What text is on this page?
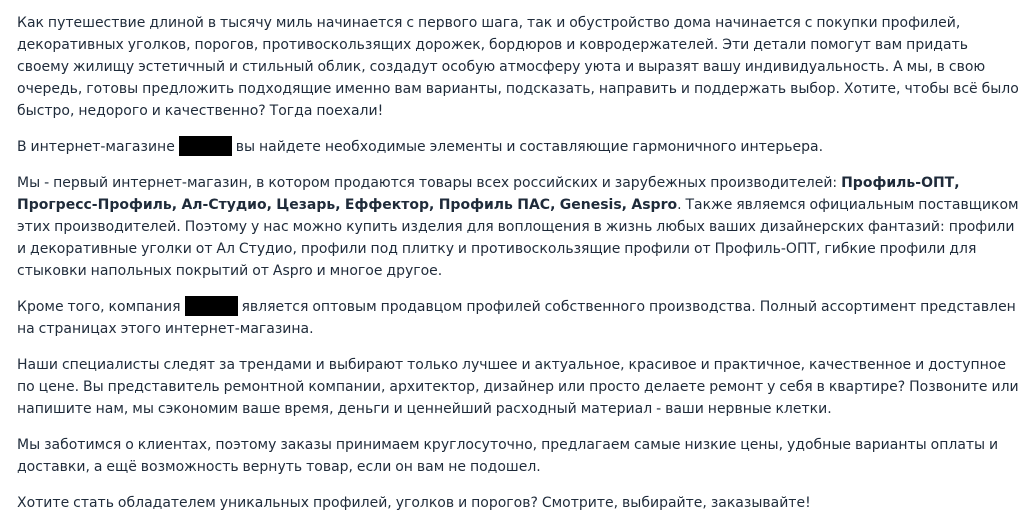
Как путешествие длиной в тысячу миль начинается с первого шага, так и обустройство дома начинается с покупки профилей, декоративных уголков, порогов, противоскользящих дорожек, бордюров и ковродержателей. Эти детали помогут вам придать своему жилищу эстетичный и стильный облик, создадут особую атмосферу уюта и выразят вашу индивидуальность. А мы, в свою очередь, готовы предложить подходящие именно вам варианты, подсказать, направить и поддержать выбор. Хотите, чтобы всё было быстро, недорого и качественно? Тогда поехали!

В интернет-магазине	вы найдете необходимые элементы и составляющие гармоничного интерьера.

Мы - первый интернет-магазин, в котором продаются товары всех российских и зарубежных производителей: Профиль-ОПТ, Прогресс-Профиль, Ал-Студио, Цезарь, Еффектор, Профиль ПАС, Genesis, Aspro. Также являемся официальным поставщиком этих производителей. Поэтому у нас можно купить изделия для воплощения в жизнь любых ваших дизайнерских фантазий: профили и декоративные уголки от Ал Студио, профили под плитку и противоскользящие профили от Профиль-ОПТ, гибкие профили для стыковки напольных покрытий от Aspro и многое другое.

Кроме того, компания	является оптовым продавцом профилей собственного производства. Полный ассортимент представлен на страницах этого интернет-магазина.

Наши специалисты следят за трендами и выбирают только лучшее и актуальное, красивое и практичное, качественное и доступное по цене. Вы представитель ремонтной компании, архитектор, дизайнер или просто делаете ремонт у себя в квартире? Позвоните или напишите нам, мы сэкономим ваше время, деньги и ценнейший расходный материал - ваши нервные клетки.

Мы заботимся о клиентах, поэтому заказы принимаем круглосуточно, предлагаем самые низкие цены, удобные варианты оплаты и доставки, а ещё возможность вернуть товар, если он вам не подошел.

Хотите стать обладателем уникальных профилей, уголков и порогов? Смотрите, выбирайте, заказывайте!
